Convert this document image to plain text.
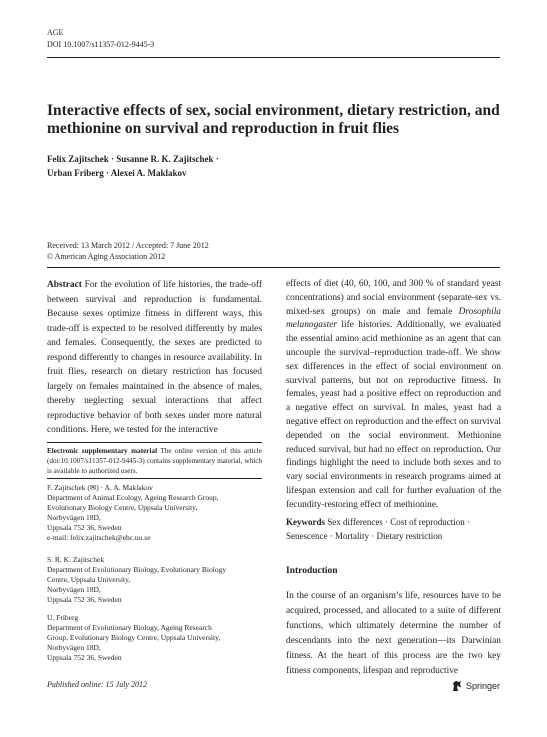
AGE
DOI 10.1007/s11357-012-9445-3
Interactive effects of sex, social environment, dietary restriction, and methionine on survival and reproduction in fruit flies
Felix Zajitschek · Susanne R. K. Zajitschek ·
Urban Friberg · Alexei A. Maklakov
Received: 13 March 2012 / Accepted: 7 June 2012
© American Aging Association 2012
Abstract For the evolution of life histories, the trade-off between survival and reproduction is fundamental. Because sexes optimize fitness in different ways, this trade-off is expected to be resolved differently by males and females. Consequently, the sexes are predicted to respond differently to changes in resource availability. In fruit flies, research on dietary restriction has focused largely on females maintained in the absence of males, thereby neglecting sexual interactions that affect reproductive behavior of both sexes under more natural conditions. Here, we tested for the interactive
Electronic supplementary material The online version of this article (doi:10.1007/s11357-012-9445-3) contains supplementary material, which is available to authorized users.
F. Zajitschek (✉) · A. A. Maklakov
Department of Animal Ecology, Ageing Research Group,
Evolutionary Biology Centre, Uppsala University,
Norbyvägen 18D,
Uppsala 752 36, Sweden
e-mail: felix.zajitschek@ebc.uu.se
S. R. K. Zajitschek
Department of Evolutionary Biology, Evolutionary Biology
Centre, Uppsala University,
Norbyvägen 18D,
Uppsala 752 36, Sweden
U. Friberg
Department of Evolutionary Biology, Ageing Research
Group, Evolutionary Biology Centre, Uppsala University,
Norbyvägen 18D,
Uppsala 752 36, Sweden
effects of diet (40, 60, 100, and 300 % of standard yeast concentrations) and social environment (separate-sex vs. mixed-sex groups) on male and female Drosophila melanogaster life histories. Additionally, we evaluated the essential amino acid methionine as an agent that can uncouple the survival–reproduction trade-off. We show sex differences in the effect of social environment on survival patterns, but not on reproductive fitness. In females, yeast had a positive effect on reproduction and a negative effect on survival. In males, yeast had a negative effect on reproduction and the effect on survival depended on the social environment. Methionine reduced survival, but had no effect on reproduction. Our findings highlight the need to include both sexes and to vary social environments in research programs aimed at lifespan extension and call for further evaluation of the fecundity-restoring effect of methionine.
Keywords Sex differences · Cost of reproduction · Senescence · Mortality · Dietary restriction
Introduction
In the course of an organism’s life, resources have to be acquired, processed, and allocated to a suite of different functions, which ultimately determine the number of descendants into the next generation—its Darwinian fitness. At the heart of this process are the two key fitness components, lifespan and reproductive
Published online: 15 July 2012	Springer
